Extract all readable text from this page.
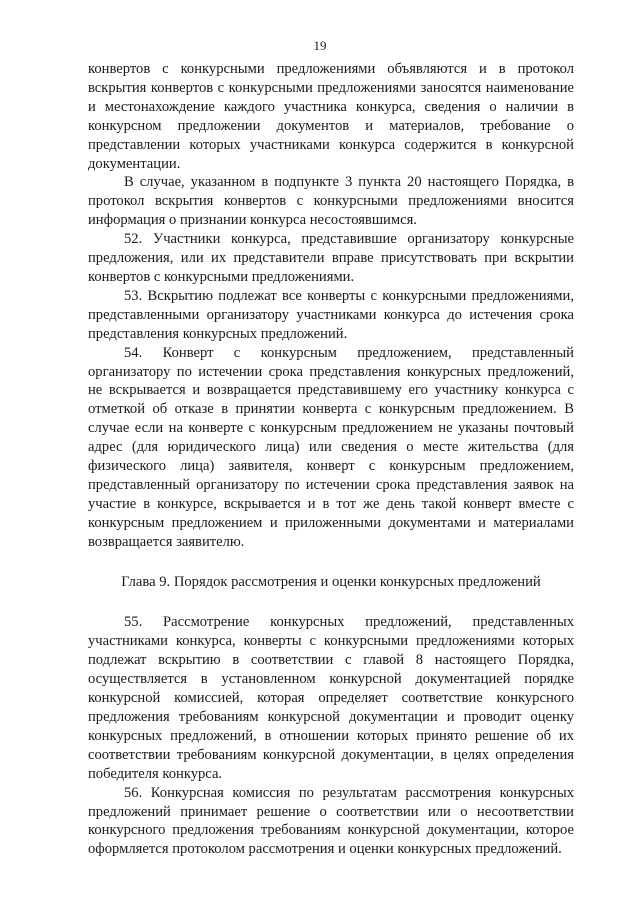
19

конвертов с конкурсными предложениями объявляются и в протокол вскрытия конвертов с конкурсными предложениями заносятся наименование и местонахождение каждого участника конкурса, сведения о наличии в конкурсном предложении документов и материалов, требование о представлении которых участниками конкурса содержится в конкурсной документации.

В случае, указанном в подпункте 3 пункта 20 настоящего Порядка, в протокол вскрытия конвертов с конкурсными предложениями вносится информация о признании конкурса несостоявшимся.

52. Участники конкурса, представившие организатору конкурсные предложения, или их представители вправе присутствовать при вскрытии конвертов с конкурсными предложениями.

53. Вскрытию подлежат все конверты с конкурсными предложениями, представленными организатору участниками конкурса до истечения срока представления конкурсных предложений.

54. Конверт с конкурсным предложением, представленный организатору по истечении срока представления конкурсных предложений, не вскрывается и возвращается представившему его участнику конкурса с отметкой об отказе в принятии конверта с конкурсным предложением. В случае если на конверте с конкурсным предложением не указаны почтовый адрес (для юридического лица) или сведения о месте жительства (для физического лица) заявителя, конверт с конкурсным предложением, представленный организатору по истечении срока представления заявок на участие в конкурсе, вскрывается и в тот же день такой конверт вместе с конкурсным предложением и приложенными документами и материалами возвращается заявителю.

Глава 9. Порядок рассмотрения и оценки конкурсных предложений

55. Рассмотрение конкурсных предложений, представленных участниками конкурса, конверты с конкурсными предложениями которых подлежат вскрытию в соответствии с главой 8 настоящего Порядка, осуществляется в установленном конкурсной документацией порядке конкурсной комиссией, которая определяет соответствие конкурсного предложения требованиям конкурсной документации и проводит оценку конкурсных предложений, в отношении которых принято решение об их соответствии требованиям конкурсной документации, в целях определения победителя конкурса.

56. Конкурсная комиссия по результатам рассмотрения конкурсных предложений принимает решение о соответствии или о несоответствии конкурсного предложения требованиям конкурсной документации, которое оформляется протоколом рассмотрения и оценки конкурсных предложений.
